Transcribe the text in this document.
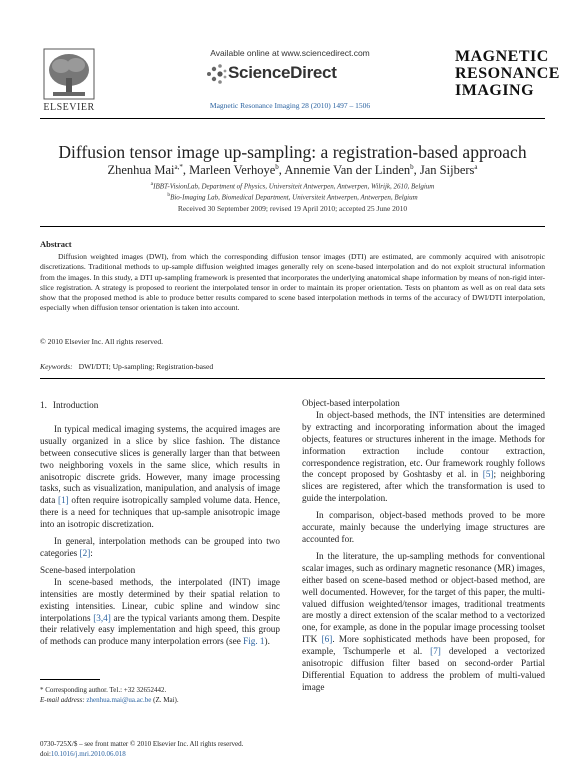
ELSEVIER
Available online at www.sciencedirect.com
ScienceDirect
Magnetic Resonance Imaging 28 (2010) 1497 – 1506
MAGNETIC
RESONANCE
IMAGING
Diffusion tensor image up-sampling: a registration-based approach
Zhenhua Mai$^{a,*}$, Marleen Verhoye$^b$, Annemie Van der Linden$^b$, Jan Sijbers$^a$
$^a$IBBT-VisionLab, Department of Physics, Universiteit Antwerpen, Antwerpen, Wilrijk, 2610, Belgium
$^b$Bio-Imaging Lab, Biomedical Department, Universiteit Antwerpen, Antwerpen, Belgium
Received 30 September 2009; revised 19 April 2010; accepted 25 June 2010
Abstract
Diffusion weighted images (DWI), from which the corresponding diffusion tensor images (DTI) are estimated, are commonly acquired with anisotropic discretizations. Traditional methods to up-sample diffusion weighted images generally rely on scene-based interpolation and do not exploit structural information from the images. In this study, a DTI up-sampling framework is presented that incorporates the underlying anatomical shape information by means of non-rigid inter-slice registration. A strategy is proposed to reorient the interpolated tensor in order to maintain its proper orientation. Tests on phantom as well as on real data sets show that the proposed method is able to produce better results compared to scene based interpolation methods in terms of the accuracy of DWI/DTI interpolation, especially when diffusion tensor orientation is taken into account.
© 2010 Elsevier Inc. All rights reserved.
Keywords: DWI/DTI; Up-sampling; Registration-based
1. Introduction

In typical medical imaging systems, the acquired images are usually organized in a slice by slice fashion. The distance between consecutive slices is generally larger than that between two neighboring voxels in the same slice, which results in anisotropic discrete grids. However, many image processing tasks, such as visualization, manipulation, and analysis of image data [1] often require isotropically sampled volume data. Hence, there is a need for techniques that up-sample anisotropic image into an isotropic discretization.

In general, interpolation methods can be grouped into two categories [2]:

Scene-based interpolation

In scene-based methods, the interpolated (INT) image intensities are mostly determined by their spatial relation to existing intensities. Linear, cubic spline and window sinc interpolations [3,4] are the typical variants among them. Despite their relatively easy implementation and high speed, this group of methods can produce many interpolation errors (see Fig. 1).

* Corresponding author. Tel.: +32 32652442.
E-mail address: zhenhua.mai@ua.ac.be (Z. Mai).
0730-725X/$ – see front matter © 2010 Elsevier Inc. All rights reserved.
doi:10.1016/j.mri.2010.06.018

Object-based interpolation

In object-based methods, the INT intensities are determined by extracting and incorporating information about the imaged objects, features or structures inherent in the image. Methods for information extraction include contour extraction, correspondence registration, etc. Our framework roughly follows the concept proposed by Goshtasby et al. in [5]; neighboring slices are registered, after which the transformation is used to guide the interpolation.

In comparison, object-based methods proved to be more accurate, mainly because the underlying image structures are accounted for.

In the literature, the up-sampling methods for conventional scalar images, such as ordinary magnetic resonance (MR) images, either based on scene-based method or object-based method, are well documented. However, for the target of this paper, the multi-valued diffusion weighted/tensor images, traditional treatments are mostly a direct extension of the scalar method to a vectorized one, for example, as done in the popular image processing toolset ITK [6]. More sophisticated methods have been proposed, for example, Tschumperle et al. [7] developed a vectorized anisotropic diffusion filter based on second-order Partial Differential Equation to address the problem of multi-valued image
